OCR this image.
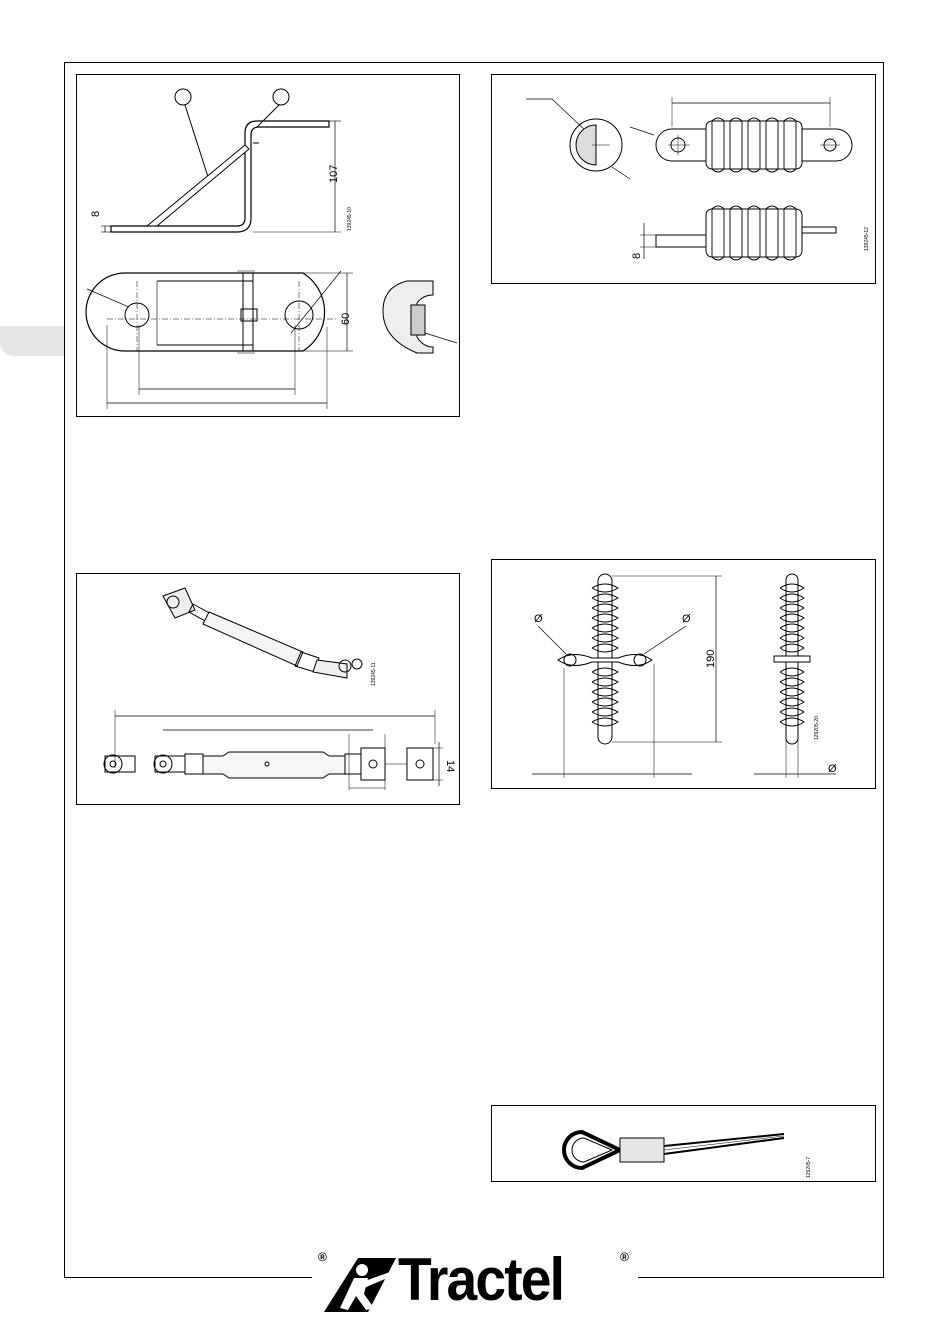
107
8
60
139245-10
8
139245-12
14
139245-11
Ø	Ø
190
Ø
129205-20
129205-7
® Tractel	®
